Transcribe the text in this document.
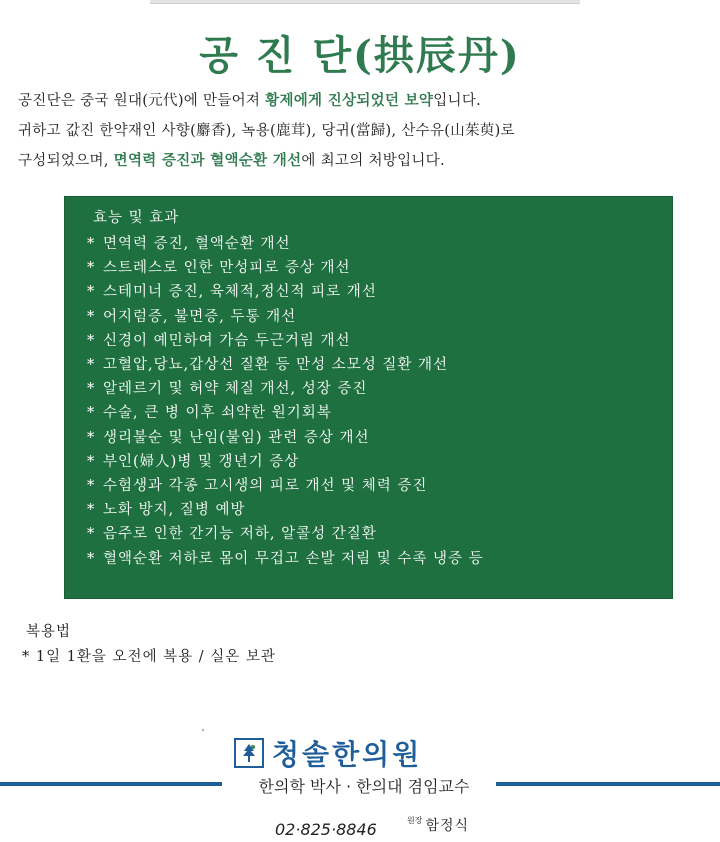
공 진 단(拱辰丹)
공진단은 중국 원대(元代)에 만들어져 황제에게 진상되었던 보약입니다.
귀하고 값진 한약재인 사향(麝香), 녹용(鹿茸), 당귀(當歸), 산수유(山茱萸)로
구성되었으며, 면역력 증진과 혈액순환 개선에 최고의 처방입니다.
효능 및 효과
* 면역력 증진, 혈액순환 개선
* 스트레스로 인한 만성피로 증상 개선
* 스테미너 증진, 육체적,정신적 피로 개선
* 어지럼증, 불면증, 두통 개선
* 신경이 예민하여 가슴 두근거림 개선
* 고혈압,당뇨,갑상선 질환 등 만성 소모성 질환 개선
* 알레르기 및 허약 체질 개선, 성장 증진
* 수술, 큰 병 이후 쇠약한 원기회복
* 생리불순 및 난임(불임) 관련 증상 개선
* 부인(婦人)병 및 갱년기 증상
* 수험생과 각종 고시생의 피로 개선 및 체력 증진
* 노화 방지, 질병 예방
* 음주로 인한 간기능 저하, 알콜성 간질환
* 혈액순환 저하로 몸이 무겁고 손발 저림 및 수족 냉증 등
복용법
* 1일 1환을 오전에 복용 / 실온 보관
청솔한의원
한의학 박사 · 한의대 겸임교수
02·825·8846	$^{원장}$ 함정식
